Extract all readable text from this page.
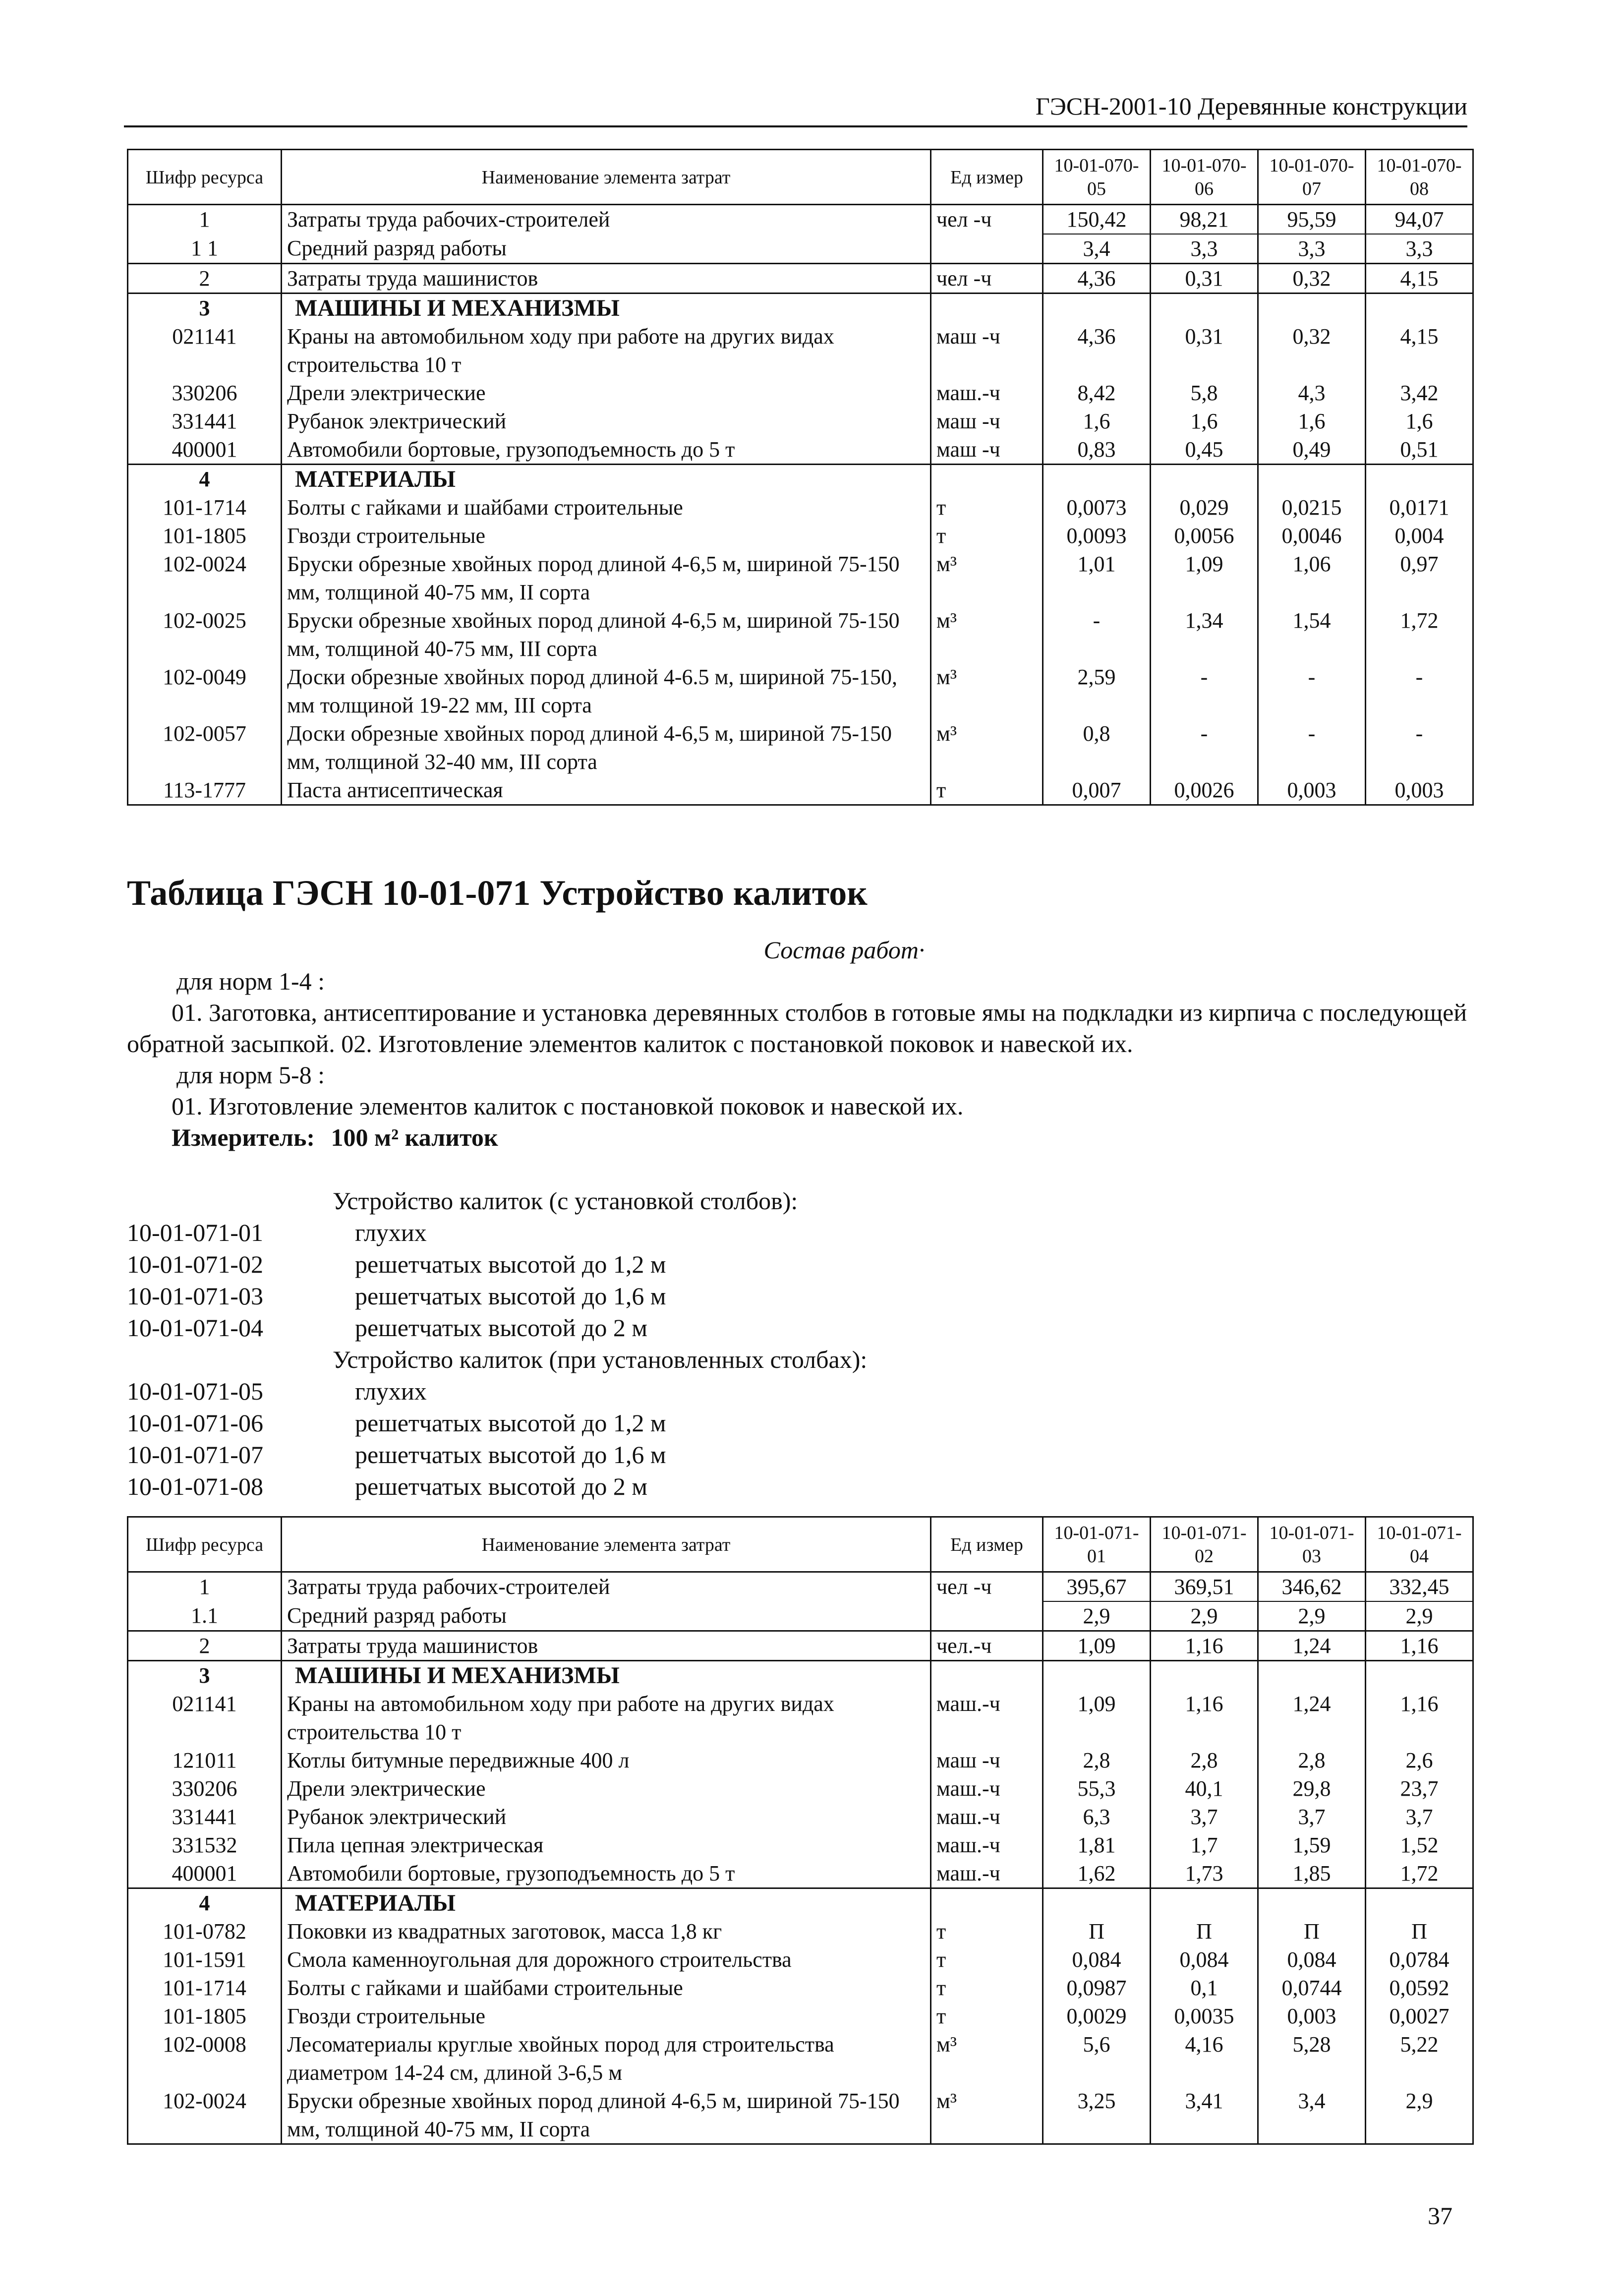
ГЭСН-2001-10 Деревянные конструкции
Шифр ресурса	Наименование элемента затрат	Ед измер	10-01-070-05	10-01-070-06	10-01-070-07	10-01-070-08
1	Затраты труда рабочих-строителей	чел -ч	150,42	98,21	95,59	94,07
1 1	Средний разряд работы		3,4	3,3	3,3	3,3
2	Затраты труда машинистов	чел -ч	4,36	0,31	0,32	4,15
3	МАШИНЫ И МЕХАНИЗМЫ					
021141	Краны на автомобильном ходу при работе на других видах строительства 10 т	маш -ч	4,36	0,31	0,32	4,15
330206	Дрели электрические	маш.-ч	8,42	5,8	4,3	3,42
331441	Рубанок электрический	маш -ч	1,6	1,6	1,6	1,6
400001	Автомобили бортовые, грузоподъемность до 5 т	маш -ч	0,83	0,45	0,49	0,51
4	МАТЕРИАЛЫ					
101-1714	Болты с гайками и шайбами строительные	т	0,0073	0,029	0,0215	0,0171
101-1805	Гвозди строительные	т	0,0093	0,0056	0,0046	0,004
102-0024	Бруски обрезные хвойных пород длиной 4-6,5 м, шириной 75-150 мм, толщиной 40-75 мм, II сорта	м³	1,01	1,09	1,06	0,97
102-0025	Бруски обрезные хвойных пород длиной 4-6,5 м, шириной 75-150 мм, толщиной 40-75 мм, III сорта	м³	-	1,34	1,54	1,72
102-0049	Доски обрезные хвойных пород длиной 4-6.5 м, шириной 75-150, мм толщиной 19-22 мм, III сорта	м³	2,59	-	-	-
102-0057	Доски обрезные хвойных пород длиной 4-6,5 м, шириной 75-150 мм, толщиной 32-40 мм, III сорта	м³	0,8	-	-	-
113-1777	Паста антисептическая	т	0,007	0,0026	0,003	0,003
Таблица ГЭСН 10-01-071 Устройство калиток
Состав работ·
для норм 1-4 :
01. Заготовка, антисептирование и установка деревянных столбов в готовые ямы на подкладки из кирпича с последующей обратной засыпкой. 02. Изготовление элементов калиток с постановкой поковок и навеской их.
для норм 5-8 :
01. Изготовление элементов калиток с постановкой поковок и навеской их.
Измеритель: 100 м² калиток
Устройство калиток (с установкой столбов):
10-01-071-01	глухих
10-01-071-02	решетчатых высотой до 1,2 м
10-01-071-03	решетчатых высотой до 1,6 м
10-01-071-04	решетчатых высотой до 2 м
Устройство калиток (при установленных столбах):
10-01-071-05	глухих
10-01-071-06	решетчатых высотой до 1,2 м
10-01-071-07	решетчатых высотой до 1,6 м
10-01-071-08	решетчатых высотой до 2 м
Шифр ресурса	Наименование элемента затрат	Ед измер	10-01-071-01	10-01-071-02	10-01-071-03	10-01-071-04
1	Затраты труда рабочих-строителей	чел -ч	395,67	369,51	346,62	332,45
1.1	Средний разряд работы		2,9	2,9	2,9	2,9
2	Затраты труда машинистов	чел.-ч	1,09	1,16	1,24	1,16
3	МАШИНЫ И МЕХАНИЗМЫ					
021141	Краны на автомобильном ходу при работе на других видах строительства 10 т	маш.-ч	1,09	1,16	1,24	1,16
121011	Котлы битумные передвижные 400 л	маш -ч	2,8	2,8	2,8	2,6
330206	Дрели электрические	маш.-ч	55,3	40,1	29,8	23,7
331441	Рубанок электрический	маш.-ч	6,3	3,7	3,7	3,7
331532	Пила цепная электрическая	маш.-ч	1,81	1,7	1,59	1,52
400001	Автомобили бортовые, грузоподъемность до 5 т	маш.-ч	1,62	1,73	1,85	1,72
4	МАТЕРИАЛЫ					
101-0782	Поковки из квадратных заготовок, масса 1,8 кг	т	П	П	П	П
101-1591	Смола каменноугольная для дорожного строительства	т	0,084	0,084	0,084	0,0784
101-1714	Болты с гайками и шайбами строительные	т	0,0987	0,1	0,0744	0,0592
101-1805	Гвозди строительные	т	0,0029	0,0035	0,003	0,0027
102-0008	Лесоматериалы круглые хвойных пород для строительства диаметром 14-24 см, длиной 3-6,5 м	м³	5,6	4,16	5,28	5,22
102-0024	Бруски обрезные хвойных пород длиной 4-6,5 м, шириной 75-150 мм, толщиной 40-75 мм, II сорта	м³	3,25	3,41	3,4	2,9
37
